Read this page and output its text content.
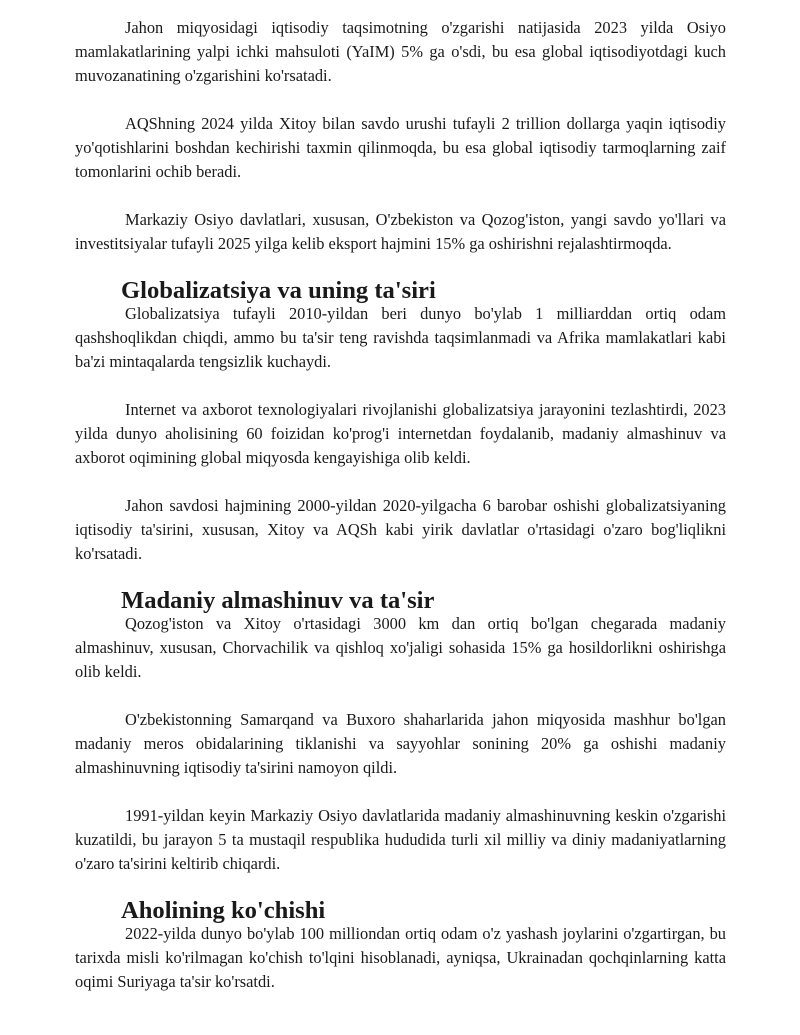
Jahon miqyosidagi iqtisodiy taqsimotning o'zgarishi natijasida 2023 yilda Osiyo mamlakatlarining yalpi ichki mahsuloti (YaIM) 5% ga o'sdi, bu esa global iqtisodiyotdagi kuch muvozanatining o'zgarishini ko'rsatadi.

AQShning 2024 yilda Xitoy bilan savdo urushi tufayli 2 trillion dollarga yaqin iqtisodiy yo'qotishlarini boshdan kechirishi taxmin qilinmoqda, bu esa global iqtisodiy tarmoqlarning zaif tomonlarini ochib beradi.

Markaziy Osiyo davlatlari, xususan, O'zbekiston va Qozog'iston, yangi savdo yo'llari va investitsiyalar tufayli 2025 yilga kelib eksport hajmini 15% ga oshirishni rejalashtirmoqda.

Globalizatsiya va uning ta'siri

Globalizatsiya tufayli 2010-yildan beri dunyo bo'ylab 1 milliarddan ortiq odam qashshoqlikdan chiqdi, ammo bu ta'sir teng ravishda taqsimlanmadi va Afrika mamlakatlari kabi ba'zi mintaqalarda tengsizlik kuchaydi.

Internet va axborot texnologiyalari rivojlanishi globalizatsiya jarayonini tezlashtirdi, 2023 yilda dunyo aholisining 60 foizidan ko'prog'i internetdan foydalanib, madaniy almashinuv va axborot oqimining global miqyosda kengayishiga olib keldi.

Jahon savdosi hajmining 2000-yildan 2020-yilgacha 6 barobar oshishi globalizatsiyaning iqtisodiy ta'sirini, xususan, Xitoy va AQSh kabi yirik davlatlar o'rtasidagi o'zaro bog'liqlikni ko'rsatadi.

Madaniy almashinuv va ta'sir

Qozog'iston va Xitoy o'rtasidagi 3000 km dan ortiq bo'lgan chegarada madaniy almashinuv, xususan, Chorvachilik va qishloq xo'jaligi sohasida 15% ga hosildorlikni oshirishga olib keldi.

O'zbekistonning Samarqand va Buxoro shaharlarida jahon miqyosida mashhur bo'lgan madaniy meros obidalarining tiklanishi va sayyohlar sonining 20% ga oshishi madaniy almashinuvning iqtisodiy ta'sirini namoyon qildi.

1991-yildan keyin Markaziy Osiyo davlatlarida madaniy almashinuvning keskin o'zgarishi kuzatildi, bu jarayon 5 ta mustaqil respublika hududida turli xil milliy va diniy madaniyatlarning o'zaro ta'sirini keltirib chiqardi.

Aholining ko'chishi

2022-yilda dunyo bo'ylab 100 milliondan ortiq odam o'z yashash joylarini o'zgartirgan, bu tarixda misli ko'rilmagan ko'chish to'lqini hisoblanadi, ayniqsa, Ukrainadan qochqinlarning katta oqimi Suriyaga ta'sir ko'rsatdi.
